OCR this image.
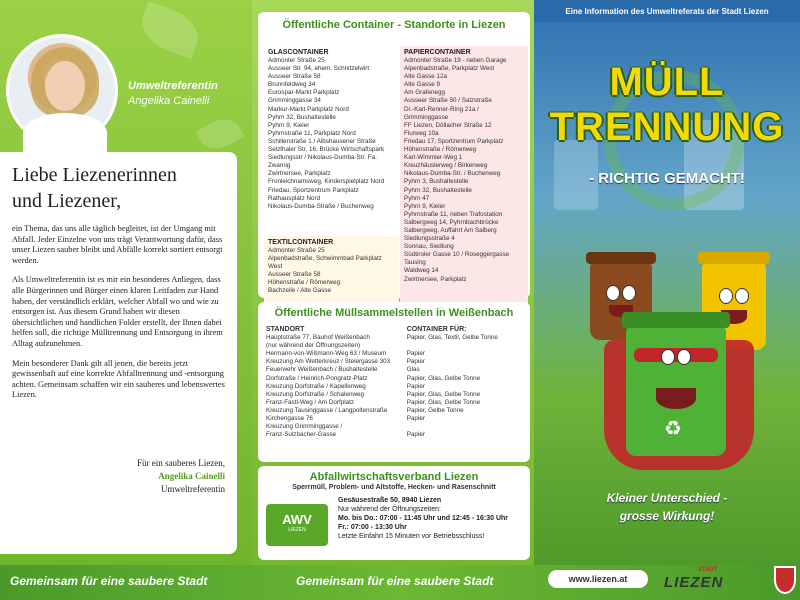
Umweltreferentin
Angelika Cainelli
Liebe Liezenerinnen
und Liezener,

ein Thema, das uns alle täglich begleitet, ist der Umgang mit Abfall. Jeder Einzelne von uns trägt Verantwortung dafür, dass unser Liezen sauber bleibt und Abfälle korrekt sortiert entsorgt werden.

Als Umweltreferentin ist es mir ein besonderes Anliegen, dass alle Bürgerinnen und Bürger einen klaren Leitfaden zur Hand haben, der verständlich erklärt, welcher Abfall wo und wie zu entsorgen ist. Aus diesem Grund haben wir diesen übersichtlichen und handlichen Folder erstellt, der Ihnen dabei helfen soll, die richtige Mülltrennung und Entsorgung in ihrem Alltag aufzunehmen.

Mein besonderer Dank gilt all jenen, die bereits jetzt gewissenhaft auf eine korrekte Abfalltrennung und -entsorgung achten. Gemeinsam schaffen wir ein sauberes und lebenswertes Liezen.

Für ein sauberes Liezen,
Angelika Cainelli
Umweltreferentin
Öffentliche Container - Standorte in Liezen
GLASCONTAINER
Admonter Straße 25
Ausseer Str. 94, ehem. Schnitzelwirt
Ausseer Straße 58
Brunnfeldweg 34
Eurospar-Markt Parkplatz
Grimminggasse 34
Markur-Markt Parkplatz Nord
Pyhrn 32, Bushaltestelle
Pyhrn 9, Kieler
Pyhrnstraße 11, Parkplatz Nord
Schillerstraße 1 / Albshausener Straße
Selzthaler Str. 16, Brücke Wirtschaftspark
Siedlungsstr / Nikolaus-Dumba-Str. Fa. Zwarnig
Zwirtnersee, Parkplatz
Fronleichnamsweg, Kinderspielplatz Nord
Friedau, Sportzentrum Parkplatz
Rathausplatz Nord
Nikolaus-Dumba-Straße / Buchenweg
PAPIERCONTAINER
Admonter Straße 19 - neben Garage
Alpenbadstraße, Parkplatz West
Alte Gasse 12a
Alte Gasse 9
Am Grafenegg
Ausseer Straße 50 / Salzstraße
Dr.-Karl-Renner-Ring 21a / Grimminggasse
FF Liezen, Döllacher Straße 12
Flurweg 10a
Friedau 17, Sportzentrum Parkplatz
Höhenstraße / Römerweg
Karl-Wimmler-Weg 1
Kreuzhäuslerweg / Birkenweg
Nikolaus-Dumba-Str. / Buchenweg
Pyhrn 3, Bushaltestelle
Pyhrn 32, Bushaltestelle
Pyhrn 47
Pyhrn 9, Kieler
Pyhrnstraße 11, neben Trafostation
Salbergweg 14, Pyhrnbachbrücke
Salbergweg, Auffahrt Am Salberg
Siedlungsstraße 4
Sonnau, Siedlung
Südtiroler Gasse 10 / Roseggergasse
Tausing
Waldweg 14
Zwirtnersee, Parkplatz
TEXTILCONTAINER
Admonter Straße 25
Alpenbadstraße, Schwimmbad Parkplatz West
Ausseer Straße 58
Höhenstraße / Römerweg
Bachzeile / Alte Gasse
Öffentliche Müllsammelstellen in Weißenbach
STANDORT	CONTAINER FÜR:
Hauptstraße 77, Bauhof Weißenbach	Papier, Glas, Textil, Gelbe Tonne
(nur während der Öffnungszeiten)
Hermann-von-Wißmann-Weg 63 / Museum	Papier
Kreuzung Am Wetterkreuz / Steiergasse 303	Papier
Feuerwehr Weißenbach / Bushaltestelle	Glas
Dorfstraße / Heinrich-Pongratz-Platz	Papier, Glas, Gelbe Tonne
Kreuzung Dorfstraße / Kapellenweg	Papier
Kreuzung Dorfstraße / Schalenweg	Papier, Glas, Gelbe Tonne
Franz-Fastl-Weg / Am Dorfplatz	Papier, Glas, Gelbe Tonne
Kreuzung Tausinggasse / Langpoltenstraße	Papier, Gelbe Tonne
Kirchengasse 76	Papier
Kreuzung Grimminggasse /
Franz-Sulzbacher-Gasse	Papier
Abfallwirtschaftsverband Liezen
Sperrmüll, Problem- und Altstoffe, Hecken- und Rasenschnitt
AWV
LIEZEN
Gesäusestraße 50, 8940 Liezen
Nur während der Öffnungszeiten:
Mo. bis Do.: 07:00 - 11:45 Uhr und 12:45 - 16:30 Uhr
Fr.: 07:00 - 13:30 Uhr
Letzte Einfahrt 15 Minuten vor Betriebsschluss!
Eine Information des Umweltreferats der Stadt Liezen
MÜLL
TRENNUNG
- RICHTIG GEMACHT!
♻
Kleiner Unterschied -
grosse Wirkung!
Gemeinsam für eine saubere Stadt	Gemeinsam für eine saubere Stadt	www.liezen.at
STADT
LIEZEN
